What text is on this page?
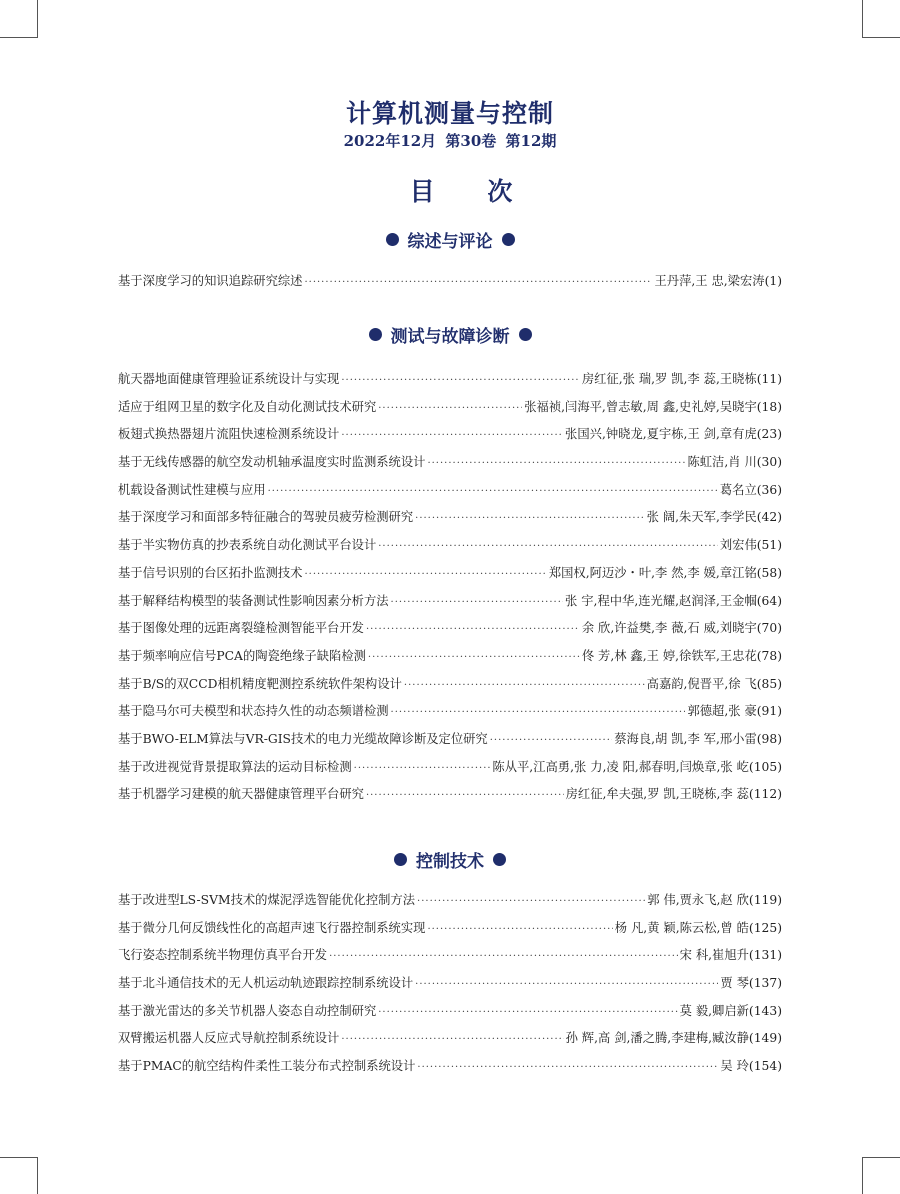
计算机测量与控制
2022年12月 第30卷 第12期
目 次
综述与评论
基于深度学习的知识追踪研究综述 ·····	王丹萍,王 忠,梁宏涛 (1)
测试与故障诊断
航天器地面健康管理验证系统设计与实现 ·····	房红征,张 瑞,罗 凯,李 蕊,王晓栋 (11)
适应于组网卫星的数字化及自动化测试技术研究 ·····	张福祯,闫海平,曾志敏,周 鑫,史礼婷,吴晓宇 (18)
板翅式换热器翅片流阻快速检测系统设计 ·····	张国兴,钟晓龙,夏宇栋,王 剑,章有虎 (23)
基于无线传感器的航空发动机轴承温度实时监测系统设计 ·····	陈虹洁,肖 川 (30)
机载设备测试性建模与应用 ·····	葛名立 (36)
基于深度学习和面部多特征融合的驾驶员疲劳检测研究 ·····	张 阔,朱天军,李学民 (42)
基于半实物仿真的抄表系统自动化测试平台设计 ·····	刘宏伟 (51)
基于信号识别的台区拓扑监测技术 ·····	郑国权,阿迈沙・叶,李 然,李 媛,章江铭 (58)
基于解释结构模型的装备测试性影响因素分析方法 ·····	张 宇,程中华,连光耀,赵润泽,王金帼 (64)
基于图像处理的远距离裂缝检测智能平台开发 ·····	余 欣,许益樊,李 薇,石 威,刘晓宇 (70)
基于频率响应信号PCA的陶瓷绝缘子缺陷检测 ·····	佟 芳,林 鑫,王 婷,徐铁军,王忠花 (78)
基于B/S的双CCD相机精度靶测控系统软件架构设计 ·····	高嘉韵,倪晋平,徐 飞 (85)
基于隐马尔可夫模型和状态持久性的动态频谱检测 ·····	郭德超,张 豪 (91)
基于BWO-ELM算法与VR-GIS技术的电力光缆故障诊断及定位研究 ·····	蔡海良,胡 凯,李 军,邢小雷 (98)
基于改进视觉背景提取算法的运动目标检测 ·····	陈从平,江高勇,张 力,凌 阳,郝春明,闫焕章,张 屹 (105)
基于机器学习建模的航天器健康管理平台研究 ·····	房红征,牟夫强,罗 凯,王晓栋,李 蕊 (112)
控制技术
基于改进型LS-SVM技术的煤泥浮选智能优化控制方法 ·····	郭 伟,贾永飞,赵 欣 (119)
基于微分几何反馈线性化的高超声速飞行器控制系统实现 ·····	杨 凡,黄 颖,陈云松,曾 皓 (125)
飞行姿态控制系统半物理仿真平台开发 ·····	宋 科,崔旭升 (131)
基于北斗通信技术的无人机运动轨迹跟踪控制系统设计 ·····	贾 琴 (137)
基于激光雷达的多关节机器人姿态自动控制研究 ·····	莫 毅,卿启新 (143)
双臂搬运机器人反应式导航控制系统设计 ·····	孙 辉,高 剑,潘之腾,李建梅,臧汝静 (149)
基于PMAC的航空结构件柔性工装分布式控制系统设计 ·····	吴 玲 (154)
